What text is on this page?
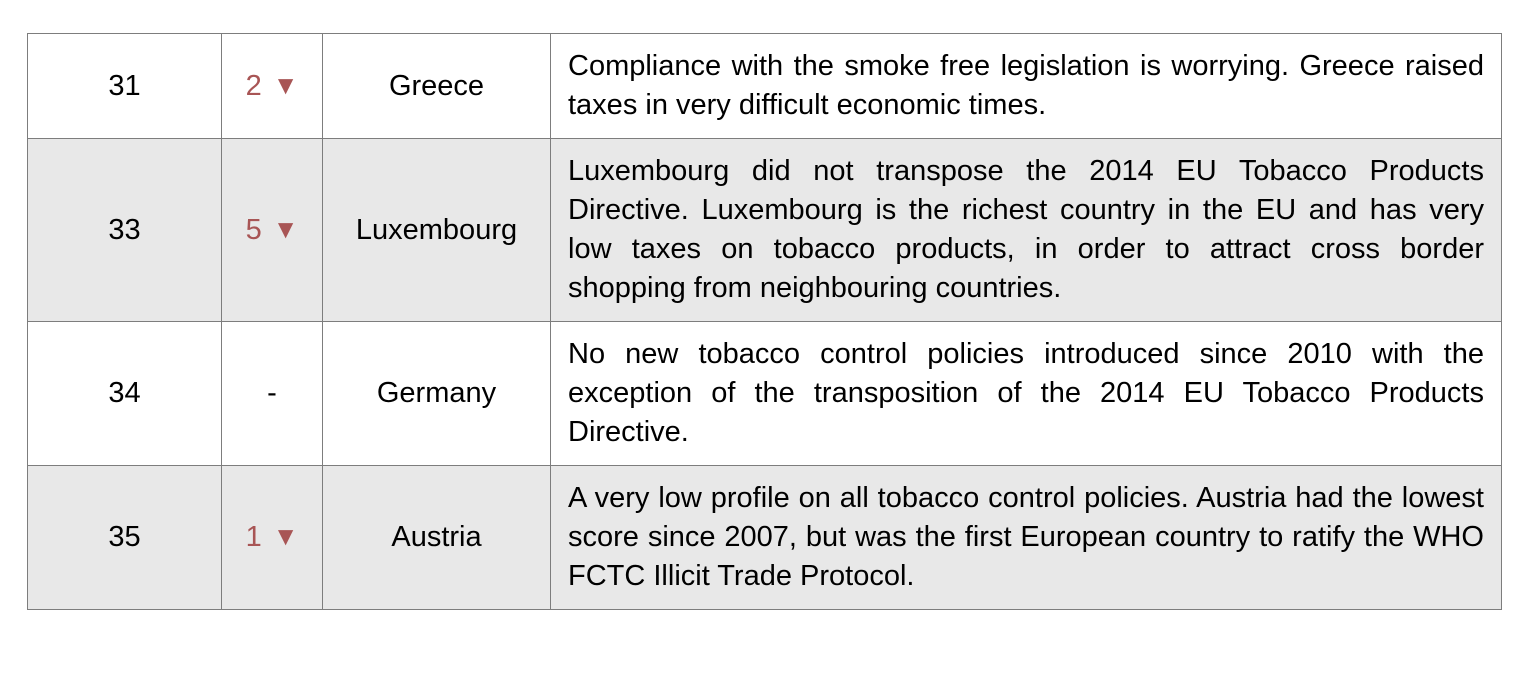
31	2 ▼	Greece	Compliance with the smoke free legislation is worrying. Greece raised taxes in very difficult economic times.
33	5 ▼	Luxembourg	Luxembourg did not transpose the 2014 EU Tobacco Products Directive. Luxembourg is the richest country in the EU and has very low taxes on tobacco products, in order to attract cross border shopping from neighbouring countries.
34	-	Germany	No new tobacco control policies introduced since 2010 with the exception of the transposition of the 2014 EU Tobacco Products Directive.
35	1 ▼	Austria	A very low profile on all tobacco control policies. Austria had the lowest score since 2007, but was the first European country to ratify the WHO FCTC Illicit Trade Protocol.
